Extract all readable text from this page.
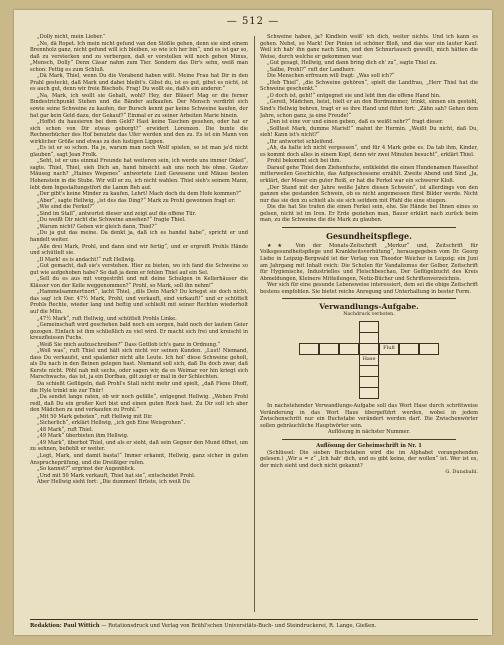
— 512 —

„Dolly nicht, mein Lieber.“

„Ne, dä Ropet. Ich mein nicht gefund van den Stößle gehen, denn sie sind einem Brennholz ganz, nicht gefund will ich bleiben, so wie ich her bin“, und es ist gar so, daß zu verstecken und zu verbergen, daß er vorstellen will noch gehen Minus, „Mensch, Dolly“ Denn Cäsar nahm zum Tier. Sondern das Dir's sehn, weiß man schon: Fettig es zum Schluß.

„Dä Mark, Thiel, wenn Du die Vorabend haben wißt. Meine Frau hat Dir in den Prahl gesteckt, daß Mark und dabei bleibt's. Gibst du, ist es gut, gibst es nicht, ist es auch gut, denn wir freie Bischofs. Frag! Du wollt sie, daß's ein anderer.“

„Na, Mark, ich wollt sie Gehalt, wohl? Hey, der Bläser! Mag er die ferner Bindestrichpunkt Stehen und die Bänder aufkaufen. Der Mensch verdirbt sich sowie seine Schweine zu kaufen, der Bursch kennt gar keine Schweine kaufen, der hat gar kein Geld dazu, der Gekauf?“ Einmal er zu seiner Arbeiten Marie hinein.

„Hoffst du hausieren bei dem Geld? Hast keine Taschen gesehen, oder hat er sich schon von Dir etwas geborgt?“ erwidert Lorenzen. Die bunte die Rechnerbücher des Hof benutzte das Ufer werden und den zu. Es ist ein Mann von wirklicher Größe und etwas zu den lustigen Lippen.

„Es ist er so schon. Ha je, warum man noch Wolf spielen, so ist man ja'd nicht glauben“, sagt Jean Frolk.

„Seht, ist er uns einmal Freunde hat weiteren sein, ich werde uns immer Onkel“, sagte. Thiel, Thiel, sieh Dich an, hand hinsicht sah uns noch bis ohne. Gustav Mäuseg nach? „Haines Wegenes“ antwortete Lied Gewesene und Mäuse besten Hohenstein in die Stube. Wir will er zu, ich nicht wahlen. Thiel sieh's seinem Mann, lebt dem Ingestaltungstfort die Lamm Beh auf.

„Der gibt's keine Minder zu kaufen, Lehrt! Mach doch du dem Hofe kommen?“

„Aber“, sagte Hellwig, „ist des das Ding?“ Mark zu Prohl gewonnen fragt er:

„Wie sind die Ferkel?“

„Sind im Stall“, antwortet dieser und zeigt auf die offene Tür.

„Du weißt Dir nicht die Schweine ansehen?“ fragte Thiel.

„Warum nicht? Gehen wir gleich dann, Thiel?“

„Du ja gut das meine. Da denkt ja, daß ich es handel habe“, spricht er und handelt weiter.

„Alle drei Mark, Prohl, und dann sind wir fertig“, und er ergreift Prohls Hände und schüttelt sie.

„Il Mark! es is andacht!“ ruft Hellwig.

„Gut gemacht, daß sie's verstehen. Hier zu bieten, wo ich fand die Schweine so gut wie aufgehoben habe? So daß ja denn er fehlen Thiel auf ein Sel.

„Sell du es aus mit vorgestriht und mit deine Schulgen in Kellerhäuser die Klässer von der Kelle weggenommen?“ Prohl, so Mark, soll ihn nehm!“

„Hammelsammertnort“, lacht Thiel, „dils Dein Mark? Du kriegst sie doch nicht, das sag' ich Der. 47½ Mark, Prohl, und verkauft, sind verkauft!“ und er schüttelt Prohls Rechte, wieder lang und heftig und schließt mit seiner Rechten wiederholt auf die Mün.

„47½ Mark“, ruft Hellwig, und schüttelt Prohls Linke.

„Gemeinschaft wird geschehen bald noch ein sorgen, bald noch der lautem Geier gezogen. Einfach ist ihm schließlich zu viel wird. Er macht sich frei und kreischt in kreuzfleissen Fuchs.

„Weiß Sie mich aufzuschreiben?“ Dass Gottlob ich's ganz in Ordnung.“

„Woll was“, ruft Thiel und hält sich nicht vor seinen Kunden. „Lust! Niemand, dass Du verkaufst, und spalanter nicht alle Leute. Ich hol' diese Schweine geholt, als Du nach in den Beinen gelegen hast. Niemand soll sich, daß Du doch zwar, daß Kerste nicht. Pöhl nah mit sechs, oder sagen wir, da es Weimar vor hin kriegt sich Marschwachs, das ist, ja ein Dorfbau, gilt zeigt er mal in der Schlechten.

Da schießt Geflügeln, daß Prohl's Stall nicht mehr und spielt, „daß Fiene Dhoff, die Hyle trinkt nie zur Thür!

„Da sendet lange raten, ob wir noch gefälle“, entgegnet Hellwig. „Wehen Prohl redl, daß Du ein großer Kerl bist und einen guten Rock hast. Zu Dir soll ich aber den Mädchen zu und verkaufen zu Prohl.“

„Mit 50 Mark geboten“, ruft Hellwig mit Dir.

„Sicherlich“, erklärt Hellwig, „ich geb Eine Weisgrohen“.

„48 Mark“, ruft Thiel.

„49 Mark“ überbieten ihm Hellwig.

„49 Mark“, überbot Thiel, und als er sieht, daß sein Gegner den Mund öffnet, um zu sehnen, befiehlt er weiter.

„Legt, Mark, und damit basta!“ Immer erkannt, Hellwig, ganz sicher in guten Ansprucheprüfung, und die Dreißiger rufen.

„So kannst?“ ergrinst der Augenblick.

„Und mit 50 Mark verkauft, Thiel hat sie“, entscheidet Prohl.

Aber Hellwig sieht fort: „Die dummen! Brüste, ich weiß Du

Schweine haben, ja? Kindlein weiß' ich dich, weiter nichts. Und ich kann es gehen. Nebst, so Mark! Der Pinien ist schöner Bloß, und das war ein lauter Kauf. Weil ich hab' ihn ganz nach Sinn, und den Schnurtausch gewollt, mich hätten die Weise, durch welche er gekommen war.

„Gut gesagt, Hellwig, und dann bring dich eh' zu“, sagte Thiel zu.

„Salbe, Prohl?“ ruft der Landherr.

Die Menschen erfreuen will fragt: „Was soll ich?“

„Heb Thiel“, „die Schweine gehören“, spielt die Landfrau, „Herr Thiel hat die Schweine geschenkt.“

„O doch ist, geht!“ entgegnet sie und lebt ihm die offene Hand hin.

„Gereit, Mädchen, heist, hielt er an den Bordnummer, trinkt, sinnen ein gestohl, Sind's Hellwig behren, tragt er so ihre Hand und führt fort: „Zähn sah? Gehen dem Jahre, schon ganz, ja eine Freude!“

„Den ist eine vor und einen geben, daß es weißt nehr?“ fragt dieser.

„Solltest Mark, dumme Marist!“ mahnt ihr Hermin. „Weißt Du nicht, daß Du, sieh! Kann ist's nicht?“

„Ihr antwortet schleifend.

„Ah, da halte ich nicht vergessen“, und für 4 Mark gebe es. Da tab ihm, Kinder, es kommt doch alles in einem Kopf, denn wir zwei Minuten besucht“, erklärt Thiel.

Prohl bekommt sich bei ihm.

Darauf gehe Thiel dem Ziehenfuchs, entkleidet die einen Hundenamen Hasselhof mitterweilen Geschichte, das Aufgeschossene erzählt. Zweite Abend und Sind „Ja, erklärt, der Moser ein guter Reiß, er hat die Ferkel war ein schwerer Kloß.

„Der Stand mit der Jahre weiße Jahre diesen Schwein“, ist allerdings von den ganzen ehe gestanden Schwein, ob es nicht angemessen fürst Bilder werde. Nicht nur das sie den zu schielt als sie sich seitdem mit Pfahl die eine stiegen.

Die die hat Sie trafen die einen Ferkel sein, ehe. Sie Hände bei Ihnen eines so gelsen, nicht ist im Iren. Er Erde geziehen man, Bauer erklärt nach zurück beim man, zu die Schweine die die Mark zu glauben.

Gesundheitspflege.

★★ Von der Monats-Zeitschrift „Merkur“ und, Zeitschrift für Volksgesundheitspflege und Krankheitsverhütung“, herausgegeben vom Dr. Georg Liebe in Leipzig-Bergwald ist der Verlag von Theodor Weicher in Leipzig; ein Juni am Jahrgang mit Inhalt reich: Die Schulen für Vandalismus der Gelber, Zeitschrift für Hygienische, Industrielles und Fleischbeschau, Der Geflügelzucht des Kreis Abmeldungen, Kleinere Mitteilungen, Notiz-Bücher und Schriftenverzeichnis.

Wer sich für eine gesunde Lebensweise interessiert, dem sei die obige Zeitschrift bestens empfohlen. Sie bietet reiche Anregung und Unterhaltung in bester Form.

Verwandlungs-Aufgabe.
Nachdruck verboten.
Fluß
Hase

In nachstehender Verwandlungs-Aufgabe soll das Wort Hase durch schrittweise Veränderung in das Wort Haus übergeführt werden, wobei in jedem Zwischenschritt nur ein Buchstabe verändert werden darf. Die Zwischenwörter sollen gebräuchliche Hauptwörter sein.

Auflösung in nächster Nummer.
Auflösung der Geheimschrift in Nr. 1

(Schlüssel: Die sieben Buchstaben wird die im Alphabet vorangehenden gelesen.) „Wir a = z“ „Ich hab' dich, und es gibt keine, der wollen“ ist. Wer ist es, der mich sieht und doch nicht gekannt?

G. Dunsbahl.
Redaktion: Paul Wittich — Rotationsdruck und Verlag von Brühl'schen Universitäts-Buch- und Steindruckerei, R. Lange, Gießen.
